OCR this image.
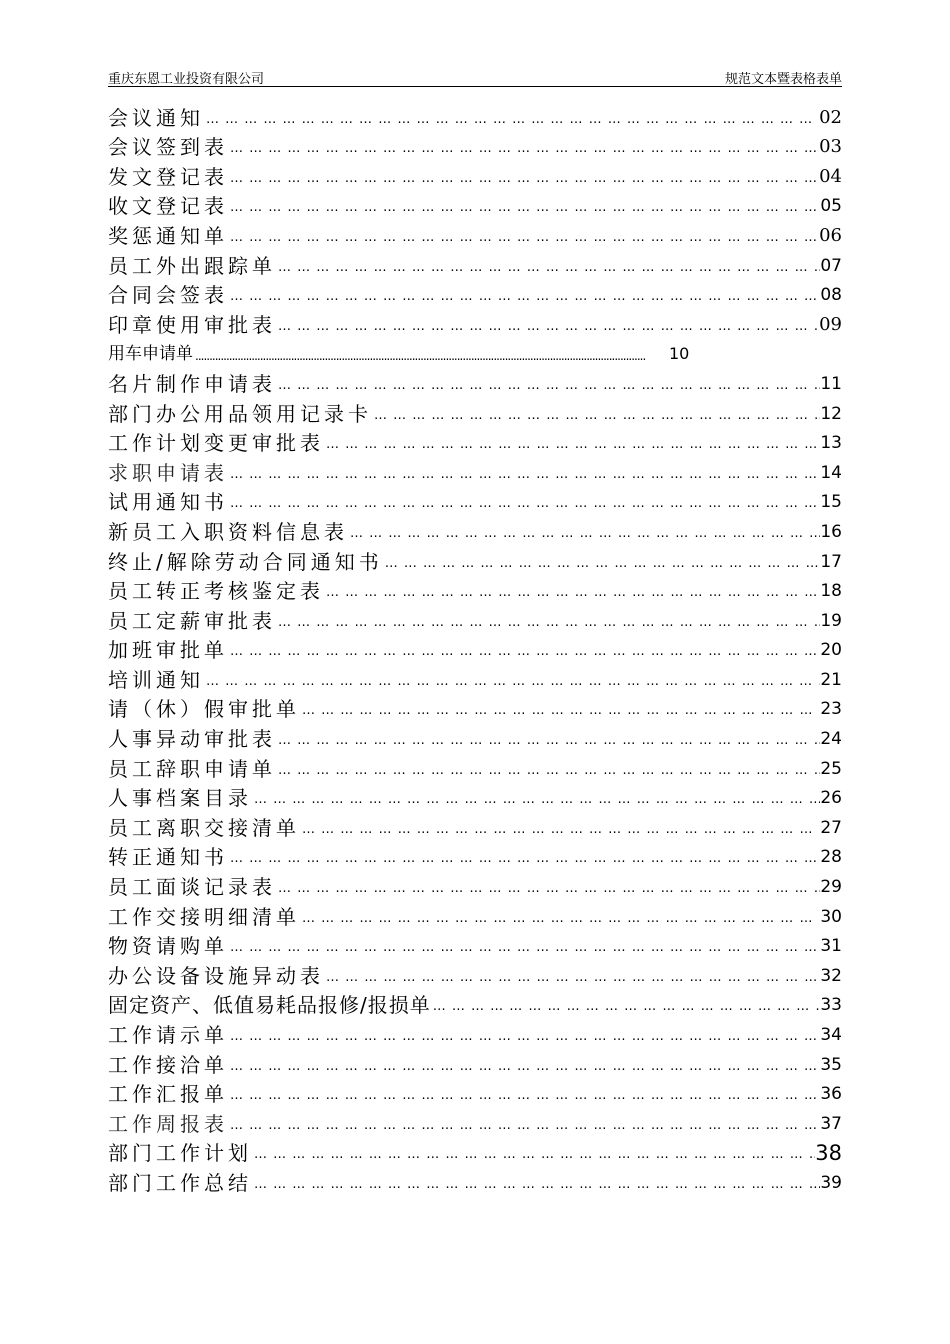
重庆东恩工业投资有限公司	规范文本暨表格表单
会议通知 … … … … … … … … … … … … … … … … … … … … … … … … … … … … … … … … … … … … … … … … … … … … … … … … …	02
会议签到表 … … … … … … … … … … … … … … … … … … … … … … … … … … … … … … … … … … … … … … … … … … … … … … … … …	03
发文登记表 … … … … … … … … … … … … … … … … … … … … … … … … … … … … … … … … … … … … … … … … … … … … … … … … …	04
收文登记表 … … … … … … … … … … … … … … … … … … … … … … … … … … … … … … … … … … … … … … … … … … … … … … … … …	05
奖惩通知单 … … … … … … … … … … … … … … … … … … … … … … … … … … … … … … … … … … … … … … … … … … … … … … … … …	06
员工外出跟踪单 … … … … … … … … … … … … … … … … … … … … … … … … … … … … … … … … … … … … … … … … … … … … … … … … …	07
合同会签表 … … … … … … … … … … … … … … … … … … … … … … … … … … … … … … … … … … … … … … … … … … … … … … … … …	08
印章使用审批表 … … … … … … … … … … … … … … … … … … … … … … … … … … … … … … … … … … … … … … … … … … … … … … … … …	09
用车申请单 .....	10
名片制作申请表 … … … … … … … … … … … … … … … … … … … … … … … … … … … … … … … … … … … … … … … … … … … … … … … … …	11
部门办公用品领用记录卡 … … … … … … … … … … … … … … … … … … … … … … … … … … … … … … … … … … … … … … … … … … … … … … … … …	12
工作计划变更审批表 … … … … … … … … … … … … … … … … … … … … … … … … … … … … … … … … … … … … … … … … … … … … … … … … …	13
求职申请表 … … … … … … … … … … … … … … … … … … … … … … … … … … … … … … … … … … … … … … … … … … … … … … … … …	14
试用通知书 … … … … … … … … … … … … … … … … … … … … … … … … … … … … … … … … … … … … … … … … … … … … … … … … …	15
新员工入职资料信息表 … … … … … … … … … … … … … … … … … … … … … … … … … … … … … … … … … … … … … … … … … … … … … … … … …	16
终止/解除劳动合同通知书 … … … … … … … … … … … … … … … … … … … … … … … … … … … … … … … … … … … … … … … … … … … … … … … … …	17
员工转正考核鉴定表 … … … … … … … … … … … … … … … … … … … … … … … … … … … … … … … … … … … … … … … … … … … … … … … … …	18
员工定薪审批表 … … … … … … … … … … … … … … … … … … … … … … … … … … … … … … … … … … … … … … … … … … … … … … … … …	19
加班审批单 … … … … … … … … … … … … … … … … … … … … … … … … … … … … … … … … … … … … … … … … … … … … … … … … …	20
培训通知 … … … … … … … … … … … … … … … … … … … … … … … … … … … … … … … … … … … … … … … … … … … … … … … … …	21
请（休）假审批单 … … … … … … … … … … … … … … … … … … … … … … … … … … … … … … … … … … … … … … … … … … … … … … … … …	23
人事异动审批表 … … … … … … … … … … … … … … … … … … … … … … … … … … … … … … … … … … … … … … … … … … … … … … … … …	24
员工辞职申请单 … … … … … … … … … … … … … … … … … … … … … … … … … … … … … … … … … … … … … … … … … … … … … … … … …	25
人事档案目录 … … … … … … … … … … … … … … … … … … … … … … … … … … … … … … … … … … … … … … … … … … … … … … … … …	26
员工离职交接清单 … … … … … … … … … … … … … … … … … … … … … … … … … … … … … … … … … … … … … … … … … … … … … … … … …	27
转正通知书 … … … … … … … … … … … … … … … … … … … … … … … … … … … … … … … … … … … … … … … … … … … … … … … … …	28
员工面谈记录表 … … … … … … … … … … … … … … … … … … … … … … … … … … … … … … … … … … … … … … … … … … … … … … … … …	29
工作交接明细清单 … … … … … … … … … … … … … … … … … … … … … … … … … … … … … … … … … … … … … … … … … … … … … … … … …	30
物资请购单 … … … … … … … … … … … … … … … … … … … … … … … … … … … … … … … … … … … … … … … … … … … … … … … … …	31
办公设备设施异动表 … … … … … … … … … … … … … … … … … … … … … … … … … … … … … … … … … … … … … … … … … … … … … … … … …	32
固定资产、低值易耗品报修/报损单 … … … … … … … … … … … … … … … … … … … … … … … … … … … … … … … … … … … … … … … … … … … … … … … … …	33
工作请示单 … … … … … … … … … … … … … … … … … … … … … … … … … … … … … … … … … … … … … … … … … … … … … … … … …	34
工作接洽单 … … … … … … … … … … … … … … … … … … … … … … … … … … … … … … … … … … … … … … … … … … … … … … … … …	35
工作汇报单 … … … … … … … … … … … … … … … … … … … … … … … … … … … … … … … … … … … … … … … … … … … … … … … … …	36
工作周报表 … … … … … … … … … … … … … … … … … … … … … … … … … … … … … … … … … … … … … … … … … … … … … … … … …	37
部门工作计划 … … … … … … … … … … … … … … … … … … … … … … … … … … … … … … … … … … … … … … … … … … … … … … … … …	38
部门工作总结 … … … … … … … … … … … … … … … … … … … … … … … … … … … … … … … … … … … … … … … … … … … … … … … … …	39
